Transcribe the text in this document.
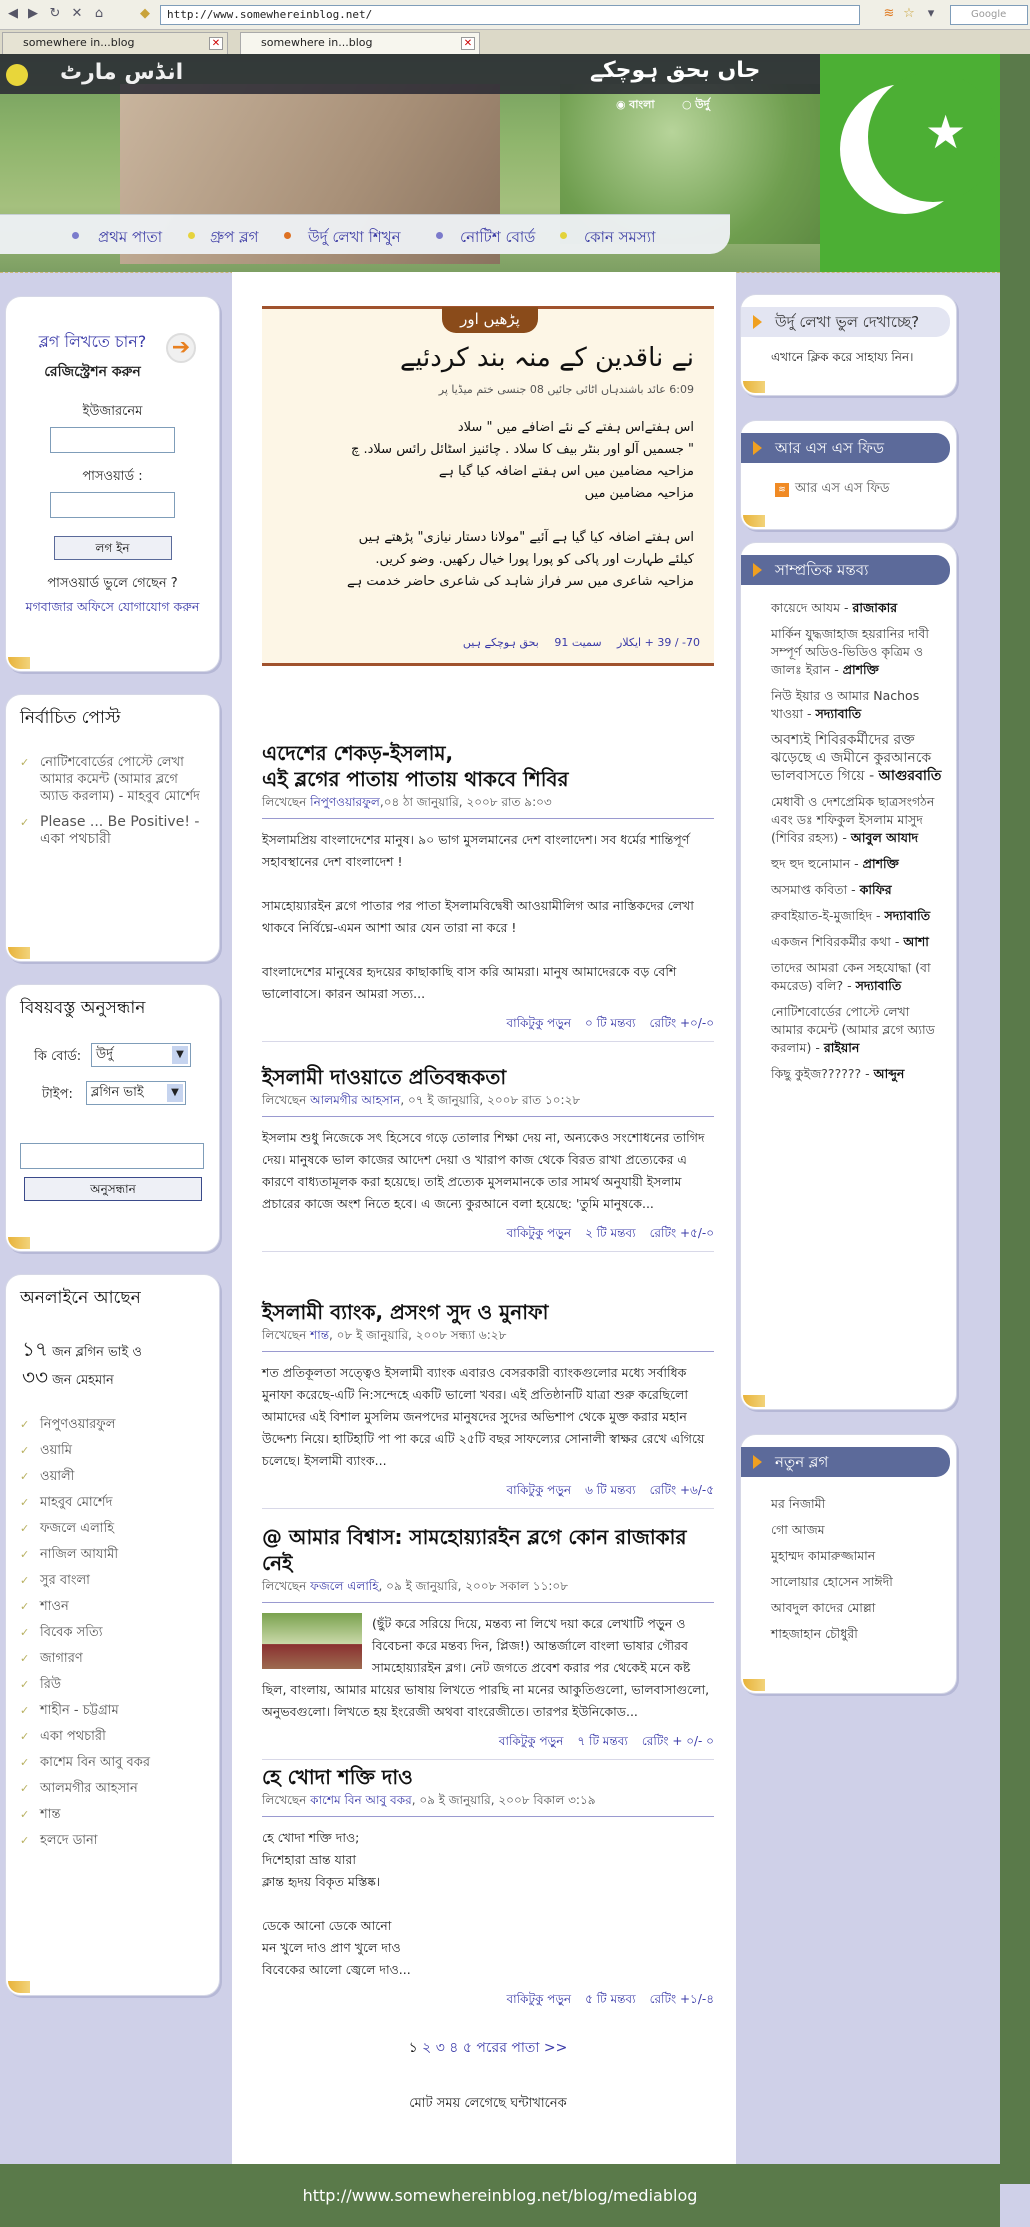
◀ ▶ ↻ ✕ ⌂	◆	http://www.somewhereinblog.net/	≋ ☆ ▾	Google
somewhere in...blog	✕	somewhere in...blog	✕
★
انڈس مارٹ	جاں بحق ہوچکے
◉ বাংলা	○ উর্দু
প্রথম পাতা	গ্রুপ ব্লগ	উর্দু লেখা শিখুন	নোটিশ বোর্ড	কোন সমস্যা
ব্লগ লিখতে চান?
রেজিস্ট্রেশন করুন
➔
ইউজারনেম
পাসওয়ার্ড :
লগ ইন
পাসওয়ার্ড ভুলে গেছেন ?
মগবাজার অফিসে যোগাযোগ করুন
নির্বাচিত পোস্ট
✓ নোটিশবোর্ডের পোস্টে লেখা আমার কমেন্ট (আমার ব্লগে অ্যাড করলাম) - মাহবুব মোর্শেদ
✓ Please ... Be Positive! - একা পথচারী
বিষয়বস্তু অনুসন্ধান
কি বোর্ড:	উর্দু	▼
টাইপ:	ব্লগিন ভাই	▼
অনুসন্ধান
অনলাইনে আছেন
১৭ জন ব্লগিন ভাই ও
৩৩ জন মেহমান
✓ নিপুণওয়ারফুল
✓ ওয়ামি
✓ ওয়ালী
✓ মাহবুব মোর্শেদ
✓ ফজলে এলাহি
✓ নাজিল আযামী
✓ সুর বাংলা
✓ শাওন
✓ বিবেক সত্যি
✓ জাগারণ
✓ রিউ
✓ শাহীন - চট্টগ্রাম
✓ একা পথচারী
✓ কাশেম বিন আবু বকর
✓ আলমগীর আহসান
✓ শান্ত
✓ হলদে ডানা
پڑھیں اور
نے ناقدین کے منہ بند کردئیے
6:09 عائد باشندہاں اٹائی جائیں 08 جنسی ختم میڈیا پر
اس ہفتےاس ہفتے کے نئے اضافے میں " سلاد
" جسمیں آلو اور بنٹر بیف کا سلاد . چائنیز اسٹائل رائس سلاد. چ
مزاحیہ مضامین میں اس ہفتے اضافہ کیا گیا ہے
مزاحیہ مضامین میں
اس ہفتے اضافہ کیا گیا ہے آئیے "مولانا دستار نیازی" پڑھتے ہیں
کیلئے طہارت اور پاکی کو پورا پورا خیال رکھیں. وضو کریں.
مزاحیہ شاعری میں سر فراز شاہد کی شاعری حاضر خدمت ہے
70- / 39 + ایکلار سمیت 91 بحق ہوچکے ہیں
এদেশের শেকড়-ইসলাম,
এই ব্লগের পাতায় পাতায় থাকবে শিবির
লিখেছেন নিপুণওয়ারফুল,০৪ ঠা জানুয়ারি, ২০০৮ রাত ৯:০৩

ইসলামপ্রিয় বাংলাদেশের মানুষ। ৯০ ভাগ মুসলমানের দেশ বাংলাদেশ। সব ধর্মের শান্তিপূর্ণ সহাবস্থানের দেশ বাংলাদেশ !

সামহোয়্যারইন ব্লগে পাতার পর পাতা ইসলামবিদ্বেষী আওয়ামীলিগ আর নাস্তিকদের লেখা থাকবে নির্বিঘ্নে-এমন আশা আর যেন তারা না করে !

বাংলাদেশের মানুষের হৃদয়ের কাছাকাছি বাস করি আমরা। মানুষ আমাদেরকে বড় বেশি ভালোবাসে। কারন আমরা সত্য...

বাকিটুকু পড়ুন ০ টি মন্তব্য রেটিং +০/-০
ইসলামী দাওয়াতে প্রতিবন্ধকতা
লিখেছেন আলমগীর আহসান, ০৭ ই জানুয়ারি, ২০০৮ রাত ১০:২৮
ইসলাম শুধু নিজেকে সৎ হিসেবে গড়ে তোলার শিক্ষা দেয় না, অন্যকেও সংশোধনের তাগিদ দেয়। মানুষকে ভাল কাজের আদেশ দেয়া ও খারাপ কাজ থেকে বিরত রাখা প্রত্যেকের এ কারণে বাধ্যতামূলক করা হয়েছে। তাই প্রত্যেক মুসলমানকে তার সামর্থ অনুযায়ী ইসলাম প্রচারের কাজে অংশ নিতে হবে। এ জন্যে কুরআনে বলা হয়েছে: 'তুমি মানুষকে...
বাকিটুকু পড়ুন ২ টি মন্তব্য রেটিং +৫/-০
ইসলামী ব্যাংক, প্রসংগ সুদ ও মুনাফা
লিখেছেন শান্ত, ০৮ ই জানুয়ারি, ২০০৮ সন্ধ্যা ৬:২৮
শত প্রতিকূলতা সত্ত্বেও ইসলামী ব্যাংক এবারও বেসরকারী ব্যাংকগুলোর মধ্যে সর্বাধিক মুনাফা করেছে-এটি নি:সন্দেহে একটি ভালো খবর। এই প্রতিষ্ঠানটি যাত্রা শুরু করেছিলো আমাদের এই বিশাল মুসলিম জনপদের মানুষদের সুদের অভিশাপ থেকে মুক্ত করার মহান উদ্দেশ্য নিয়ে। হাটিহাটি পা পা করে এটি ২৫টি বছর সাফল্যের সোনালী স্বাক্ষর রেখে এগিয়ে চলেছে। ইসলামী ব্যাংক...
বাকিটুকু পড়ুন ৬ টি মন্তব্য রেটিং +৬/-৫
@ আমার বিশ্বাস: সামহোয়্যারইন ব্লগে কোন রাজাকার নেই
লিখেছেন ফজলে এলাহি, ০৯ ই জানুয়ারি, ২০০৮ সকাল ১১:০৮
(ছুঁট করে সরিয়ে দিয়ে, মন্তব্য না লিখে দয়া করে লেখাটি পড়ুন ও বিবেচনা করে মন্তব্য দিন, প্লিজ!) আন্তর্জালে বাংলা ভাষার গৌরব সামহোয়্যারইন ব্লগ। নেট জগতে প্রবেশ করার পর থেকেই মনে কষ্ট ছিল, বাংলায়, আমার মায়ের ভাষায় লিখতে পারছি না মনের আকুতিগুলো, ভালবাসাগুলো, অনুভবগুলো। লিখতে হয় ইংরেজী অথবা বাংরেজীতে। তারপর ইউনিকোড...
বাকিটুকু পড়ুন ৭ টি মন্তব্য রেটিং + ০/- ০
হে খোদা শক্তি দাও
লিখেছেন কাশেম বিন আবু বকর, ০৯ ই জানুয়ারি, ২০০৮ বিকাল ৩:১৯
হে খোদা শক্তি দাও;
দিশেহারা ভ্রান্ত যারা
ক্লান্ত হৃদয় বিকৃত মস্তিষ্ক।
ডেকে আনো ডেকে আনো
মন খুলে দাও প্রাণ খুলে দাও
বিবেকের আলো জ্বেলে দাও...
বাকিটুকু পড়ুন ৫ টি মন্তব্য রেটিং +১/-৪
১ ২ ৩ ৪ ৫ পরের পাতা >>
মোট সময় লেগেছে ঘন্টাখানেক
উর্দু লেখা ভুল দেখাচ্ছে?
এখানে ক্লিক করে সাহায্য নিন।
আর এস এস ফিড
≋ আর এস এস ফিড
সাম্প্রতিক মন্তব্য
কায়েদে আযম - রাজাকার
মার্কিন যুদ্ধজাহাজ হয়রানির দাবী সম্পূর্ণ অডিও-ভিডিও কৃত্রিম ও জালঃ ইরান - প্রাশক্তি
নিউ ইয়ার ও আমার Nachos খাওয়া - সদ্যাবাতি
অবশ্যই শিবিরকর্মীদের রক্ত ঝড়েছে এ জমীনে কুরআনকে ভালবাসতে গিয়ে - আগুরবাতি
মেধাবী ও দেশপ্রেমিক ছাত্রসংগঠন এবং ডঃ শফিকুল ইসলাম মাসুদ (শিবির রহস্য) - আবুল আযাদ
হুদ হুদ হুনোমান - প্রাশক্তি
অসমাপ্ত কবিতা - কাফির
রুবাইয়াত-ই-মুজাহিদ - সদ্যাবাতি
একজন শিবিরকর্মীর কথা - আশা
তাদের আমরা কেন সহযোদ্ধা (বা কমরেড) বলি? - সদ্যাবাতি
নোটিশবোর্ডের পোস্টে লেখা আমার কমেন্ট (আমার ব্লগে অ্যাড করলাম) - রাইয়ান
কিছু কুইজ?????? - আব্দুন
নতুন ব্লগ
মর নিজামী
গো আজম
মুহাম্মদ কামারুজ্জামান
সালোয়ার হোসেন সাঈদী
আবদুল কাদের মোল্লা
শাহজাহান চৌধুরী
http://www.somewhereinblog.net/blog/mediablog
